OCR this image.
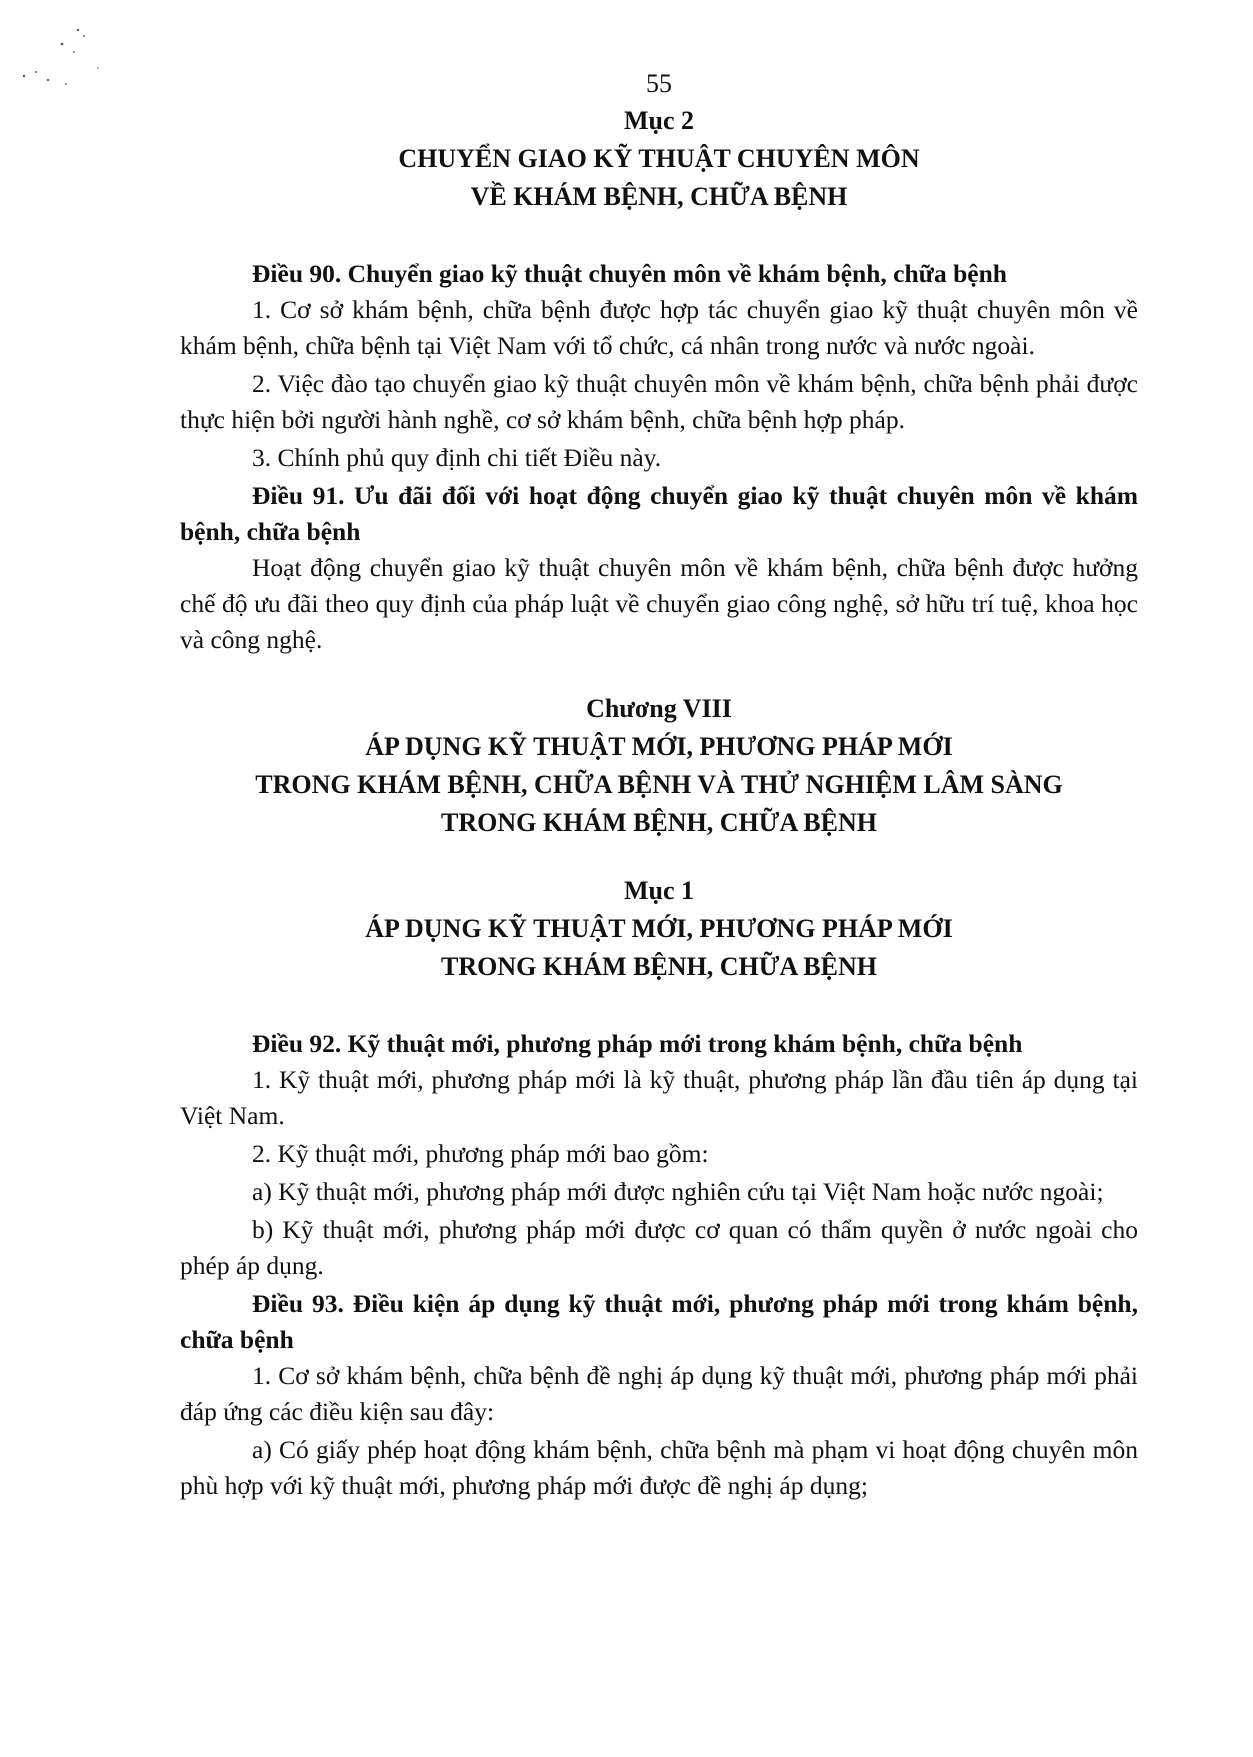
55
Mục 2
CHUYỂN GIAO KỸ THUẬT CHUYÊN MÔN
VỀ KHÁM BỆNH, CHỮA BỆNH
Điều 90. Chuyển giao kỹ thuật chuyên môn về khám bệnh, chữa bệnh

1. Cơ sở khám bệnh, chữa bệnh được hợp tác chuyển giao kỹ thuật chuyên môn về khám bệnh, chữa bệnh tại Việt Nam với tổ chức, cá nhân trong nước và nước ngoài.

2. Việc đào tạo chuyển giao kỹ thuật chuyên môn về khám bệnh, chữa bệnh phải được thực hiện bởi người hành nghề, cơ sở khám bệnh, chữa bệnh hợp pháp.

3. Chính phủ quy định chi tiết Điều này.

Điều 91. Ưu đãi đối với hoạt động chuyển giao kỹ thuật chuyên môn về khám bệnh, chữa bệnh

Hoạt động chuyển giao kỹ thuật chuyên môn về khám bệnh, chữa bệnh được hưởng chế độ ưu đãi theo quy định của pháp luật về chuyển giao công nghệ, sở hữu trí tuệ, khoa học và công nghệ.

Chương VIII
ÁP DỤNG KỸ THUẬT MỚI, PHƯƠNG PHÁP MỚI
TRONG KHÁM BỆNH, CHỮA BỆNH VÀ THỬ NGHIỆM LÂM SÀNG
TRONG KHÁM BỆNH, CHỮA BỆNH
Mục 1
ÁP DỤNG KỸ THUẬT MỚI, PHƯƠNG PHÁP MỚI
TRONG KHÁM BỆNH, CHỮA BỆNH
Điều 92. Kỹ thuật mới, phương pháp mới trong khám bệnh, chữa bệnh

1. Kỹ thuật mới, phương pháp mới là kỹ thuật, phương pháp lần đầu tiên áp dụng tại Việt Nam.

2. Kỹ thuật mới, phương pháp mới bao gồm:

a) Kỹ thuật mới, phương pháp mới được nghiên cứu tại Việt Nam hoặc nước ngoài;

b) Kỹ thuật mới, phương pháp mới được cơ quan có thẩm quyền ở nước ngoài cho phép áp dụng.

Điều 93. Điều kiện áp dụng kỹ thuật mới, phương pháp mới trong khám bệnh, chữa bệnh

1. Cơ sở khám bệnh, chữa bệnh đề nghị áp dụng kỹ thuật mới, phương pháp mới phải đáp ứng các điều kiện sau đây:

a) Có giấy phép hoạt động khám bệnh, chữa bệnh mà phạm vi hoạt động chuyên môn phù hợp với kỹ thuật mới, phương pháp mới được đề nghị áp dụng;
